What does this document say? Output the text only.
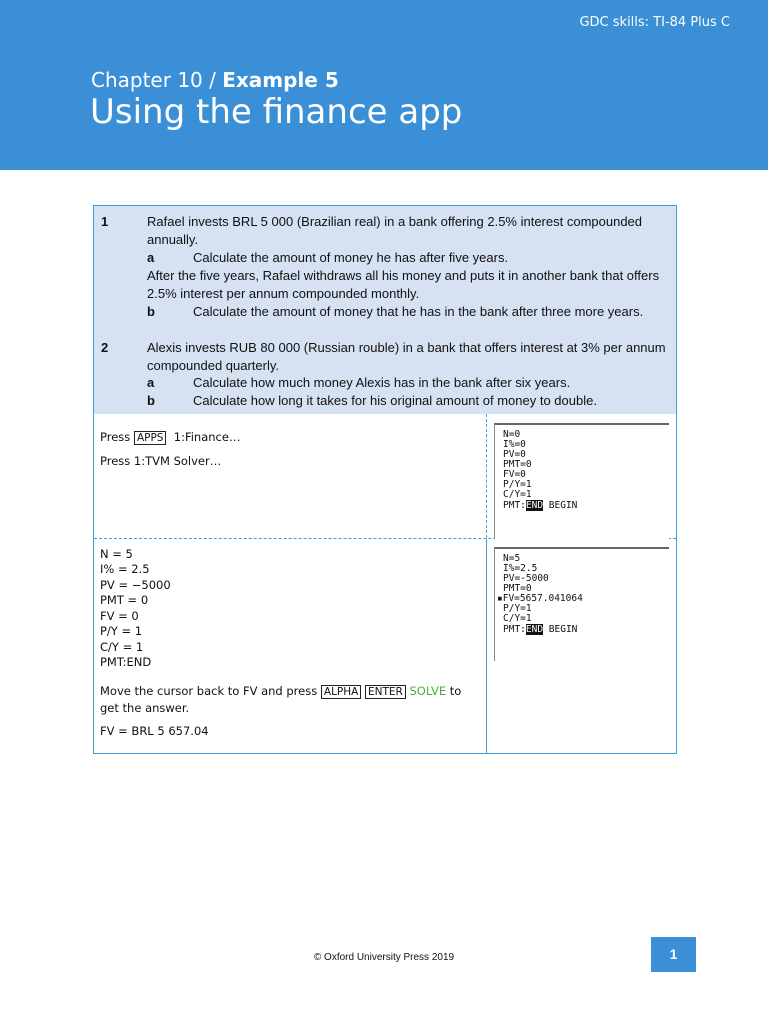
GDC skills: TI-84 Plus C
Chapter 10 / Example 5
Using the finance app
1	Rafael invests BRL 5 000 (Brazilian real) in a bank offering 2.5% interest compounded annually.
a	Calculate the amount of money he has after five years.
After the five years, Rafael withdraws all his money and puts it in another bank that offers 2.5% interest per annum compounded monthly.
b	Calculate the amount of money that he has in the bank after three more years.
2	Alexis invests RUB 80 000 (Russian rouble) in a bank that offers interest at 3% per annum compounded quarterly.
a	Calculate how much money Alexis has in the bank after six years.
b	Calculate how long it takes for his original amount of money to double.
Press APPS 1:Finance…
Press 1:TVM Solver…
N=0
I%=0
PV=0
PMT=0
FV=0
P/Y=1
C/Y=1
PMT:END BEGIN
N = 5
I% = 2.5
PV = −5000
PMT = 0
FV = 0
P/Y = 1
C/Y = 1
PMT:END
Move the cursor back to FV and press ALPHA ENTER SOLVE to
get the answer.
FV = BRL 5 657.04
N=5
I%=2.5
PV=-5000
PMT=0
▪FV=5657.041064
P/Y=1
C/Y=1
PMT:END BEGIN
© Oxford University Press 2019	1
